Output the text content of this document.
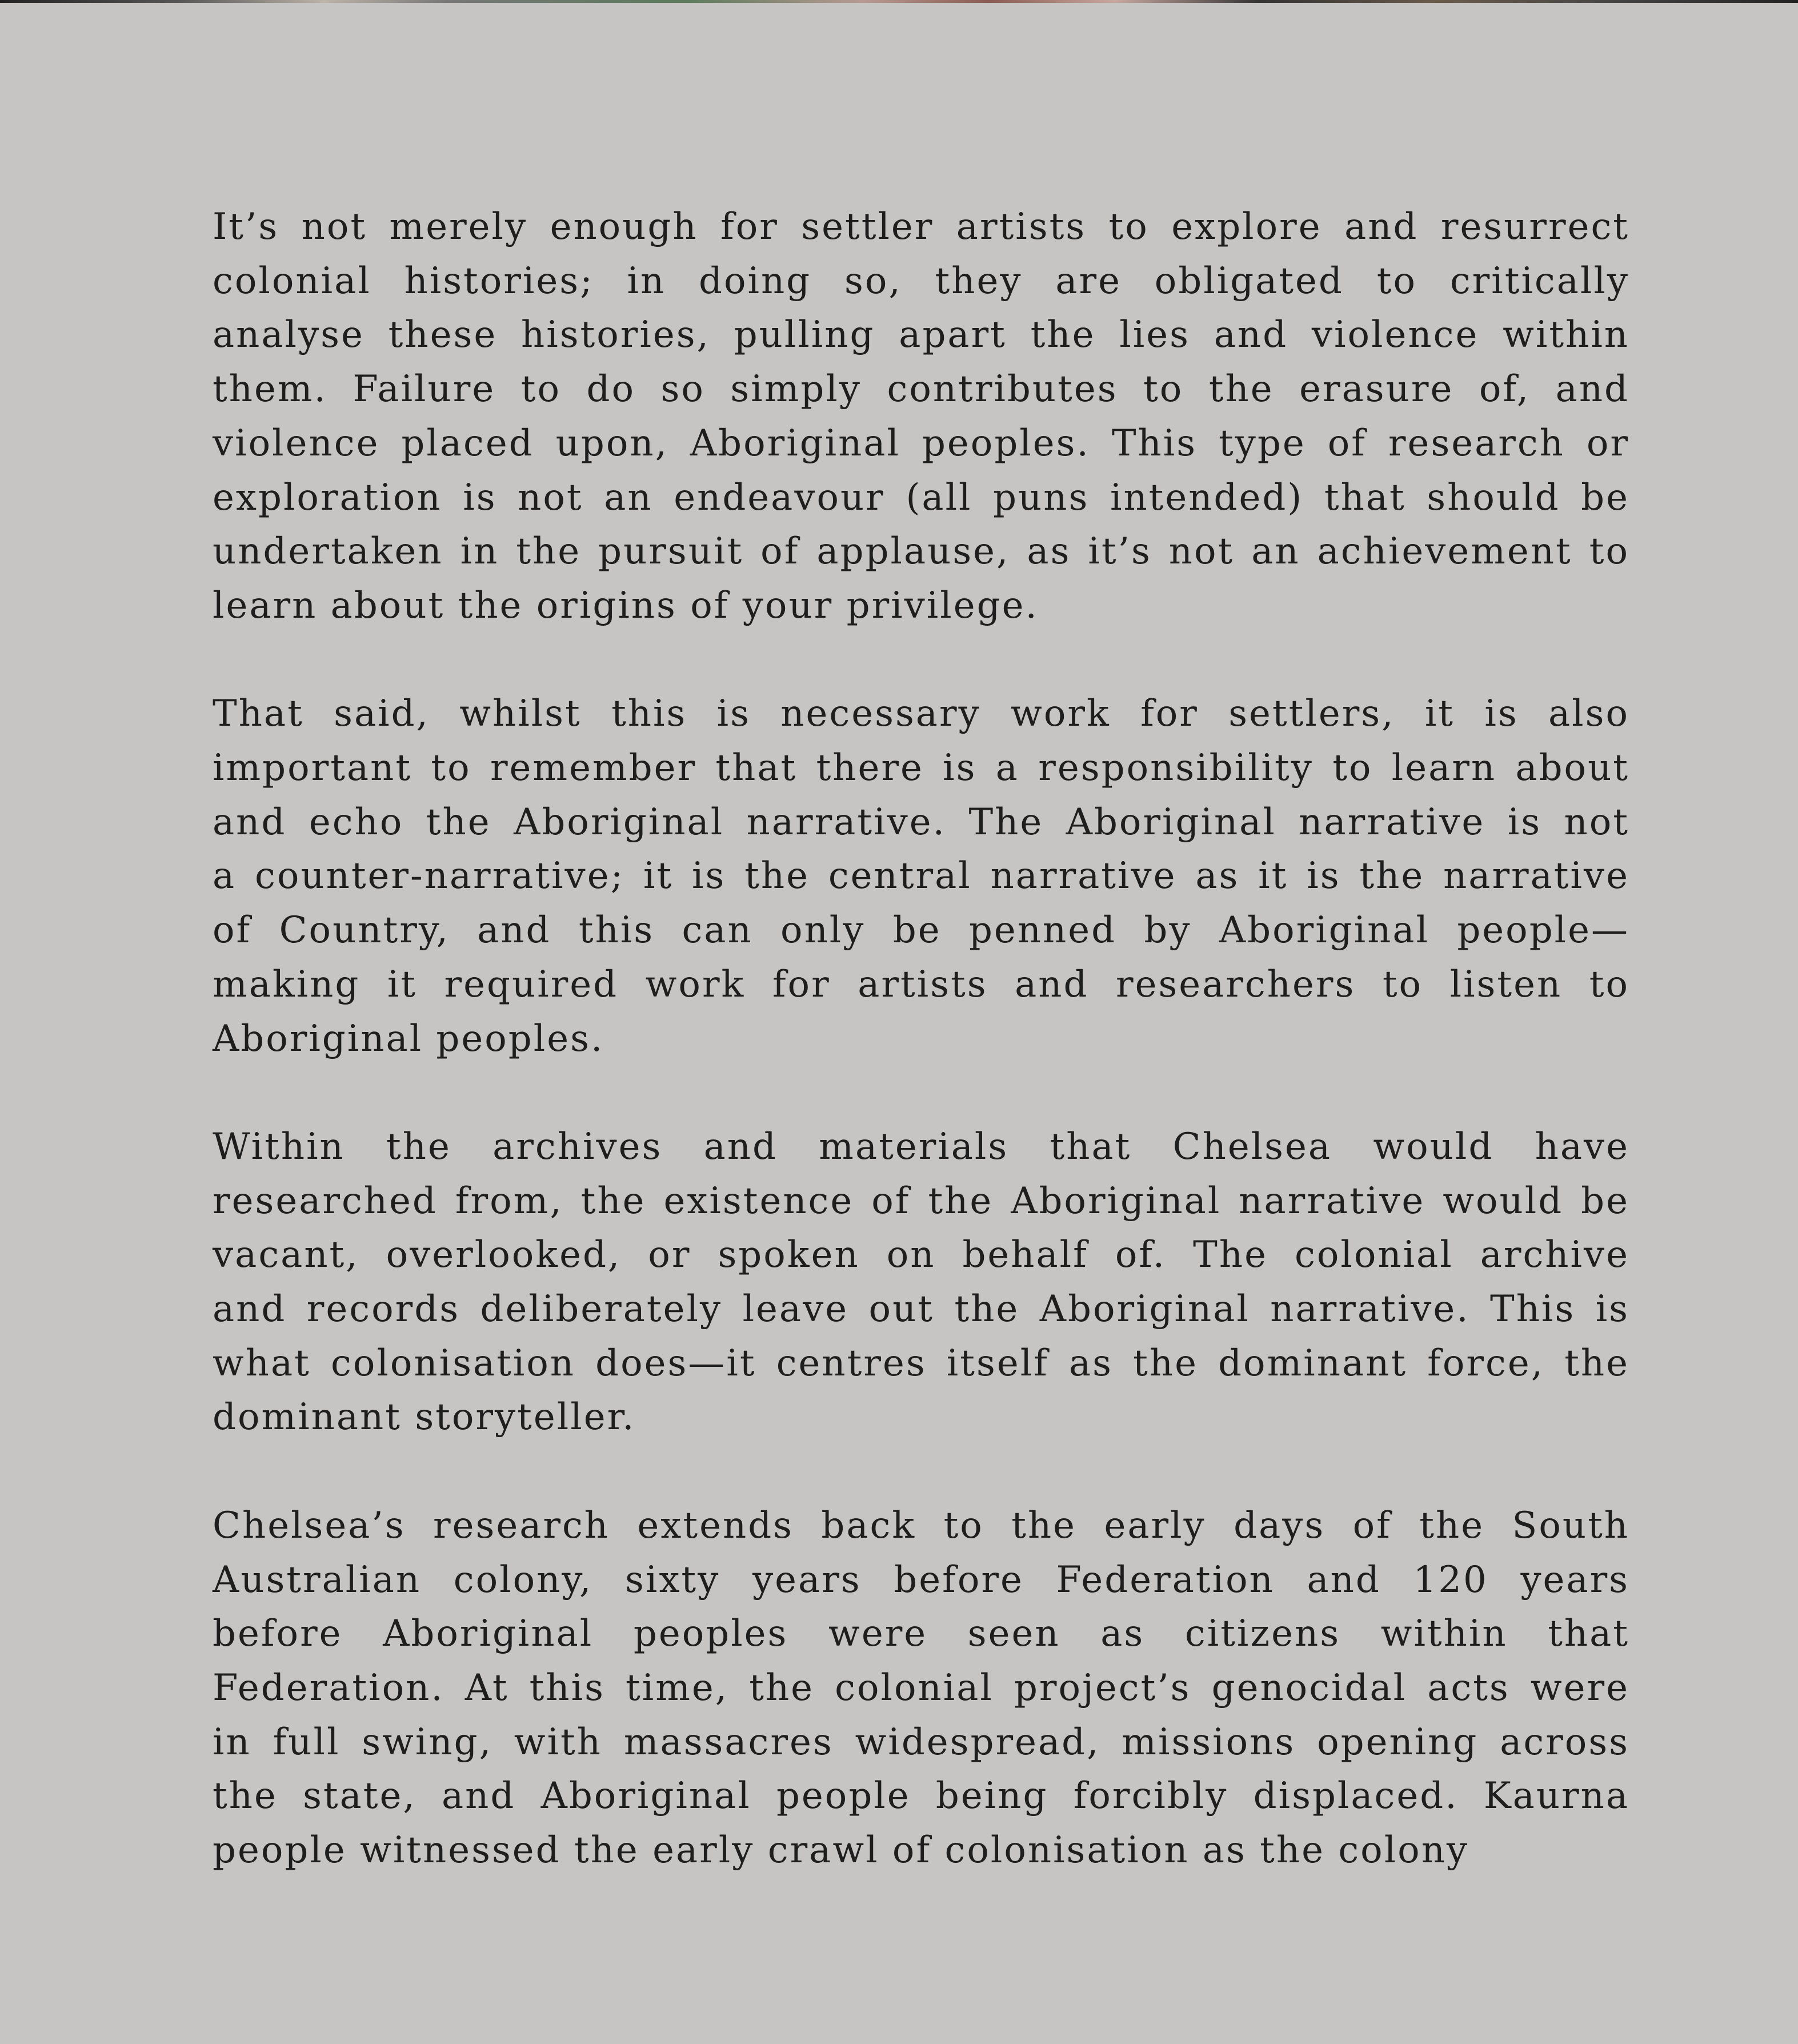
It’s not merely enough for settler artists to explore and resurrect
colonial histories; in doing so, they are obligated to critically
analyse these histories, pulling apart the lies and violence within
them. Failure to do so simply contributes to the erasure of, and
violence placed upon, Aboriginal peoples. This type of research or
exploration is not an endeavour (all puns intended) that should be
undertaken in the pursuit of applause, as it’s not an achievement to
learn about the origins of your privilege.
That said, whilst this is necessary work for settlers, it is also
important to remember that there is a responsibility to learn about
and echo the Aboriginal narrative. The Aboriginal narrative is not
a counter-narrative; it is the central narrative as it is the narrative
of Country, and this can only be penned by Aboriginal people—
making it required work for artists and researchers to listen to
Aboriginal peoples.
Within the archives and materials that Chelsea would have
researched from, the existence of the Aboriginal narrative would be
vacant, overlooked, or spoken on behalf of. The colonial archive
and records deliberately leave out the Aboriginal narrative. This is
what colonisation does—it centres itself as the dominant force, the
dominant storyteller.
Chelsea’s research extends back to the early days of the South
Australian colony, sixty years before Federation and 120 years
before Aboriginal peoples were seen as citizens within that
Federation. At this time, the colonial project’s genocidal acts were
in full swing, with massacres widespread, missions opening across
the state, and Aboriginal people being forcibly displaced. Kaurna
people witnessed the early crawl of colonisation as the colony
